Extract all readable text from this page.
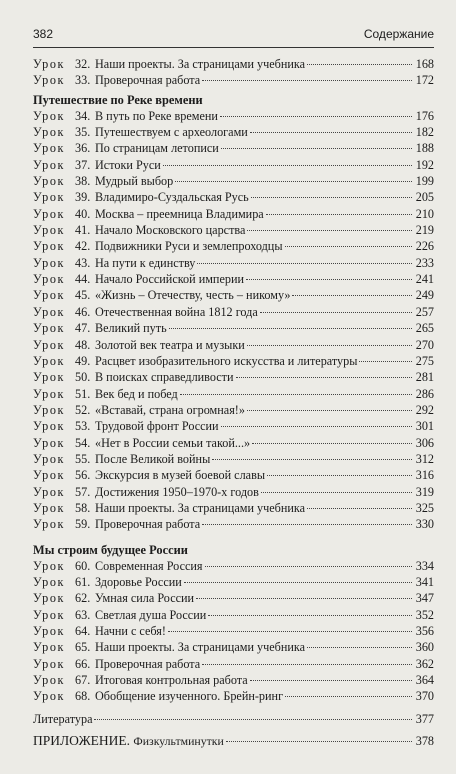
382	Содержание
Урок 32. Наши проекты. За страницами учебника	168
Урок 33. Проверочная работа	172
Путешествие по Реке времени
Урок 34. В путь по Реке времени	176
Урок 35. Путешествуем с археологами	182
Урок 36. По страницам летописи	188
Урок 37. Истоки Руси	192
Урок 38. Мудрый выбор	199
Урок 39. Владимиро-Суздальская Русь	205
Урок 40. Москва – преемница Владимира	210
Урок 41. Начало Московского царства	219
Урок 42. Подвижники Руси и землепроходцы	226
Урок 43. На пути к единству	233
Урок 44. Начало Российской империи	241
Урок 45. «Жизнь – Отечеству, честь – никому»	249
Урок 46. Отечественная война 1812 года	257
Урок 47. Великий путь	265
Урок 48. Золотой век театра и музыки	270
Урок 49. Расцвет изобразительного искусства и литературы	275
Урок 50. В поисках справедливости	281
Урок 51. Век бед и побед	286
Урок 52. «Вставай, страна огромная!»	292
Урок 53. Трудовой фронт России	301
Урок 54. «Нет в России семьи такой...»	306
Урок 55. После Великой войны	312
Урок 56. Экскурсия в музей боевой славы	316
Урок 57. Достижения 1950–1970-х годов	319
Урок 58. Наши проекты. За страницами учебника	325
Урок 59. Проверочная работа	330
Мы строим будущее России
Урок 60. Современная Россия	334
Урок 61. Здоровье России	341
Урок 62. Умная сила России	347
Урок 63. Светлая душа России	352
Урок 64. Начни с себя!	356
Урок 65. Наши проекты. За страницами учебника	360
Урок 66. Проверочная работа	362
Урок 67. Итоговая контрольная работа	364
Урок 68. Обобщение изученного. Брейн-ринг	370
Литература	377
ПРИЛОЖЕНИЕ. Физкультминутки	378
